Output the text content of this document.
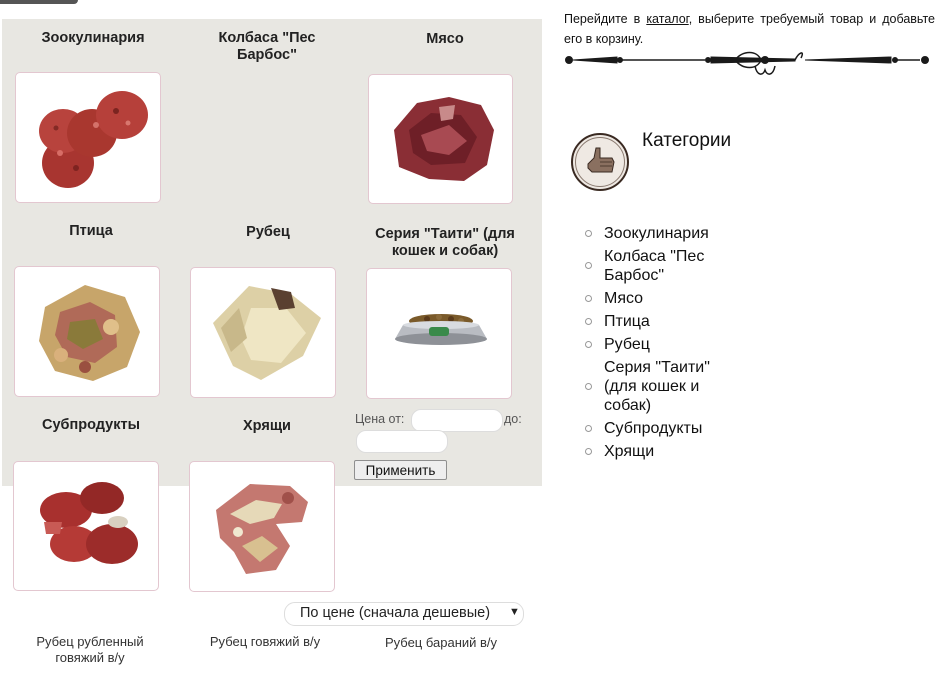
Зоокулинария	Колбаса "Пес Барбос"
Мясо
Птица	Рубец	Серия "Таити" (для кошек и собак)
Субпродукты	Хрящи	Цена от:	до:
Применить
По цене (сначала дешевые) ▼
Рубец рубленный говяжий в/у
Рубец говяжий в/у	Рубец бараний в/у
Перейдите в каталог, выберите требуемый товар и добавьте его в корзину.
Категории
Зоокулинария
Колбаса "Пес Барбос"
Мясо
Птица
Рубец
Серия "Таити" (для кошек и собак)
Субпродукты
Хрящи
